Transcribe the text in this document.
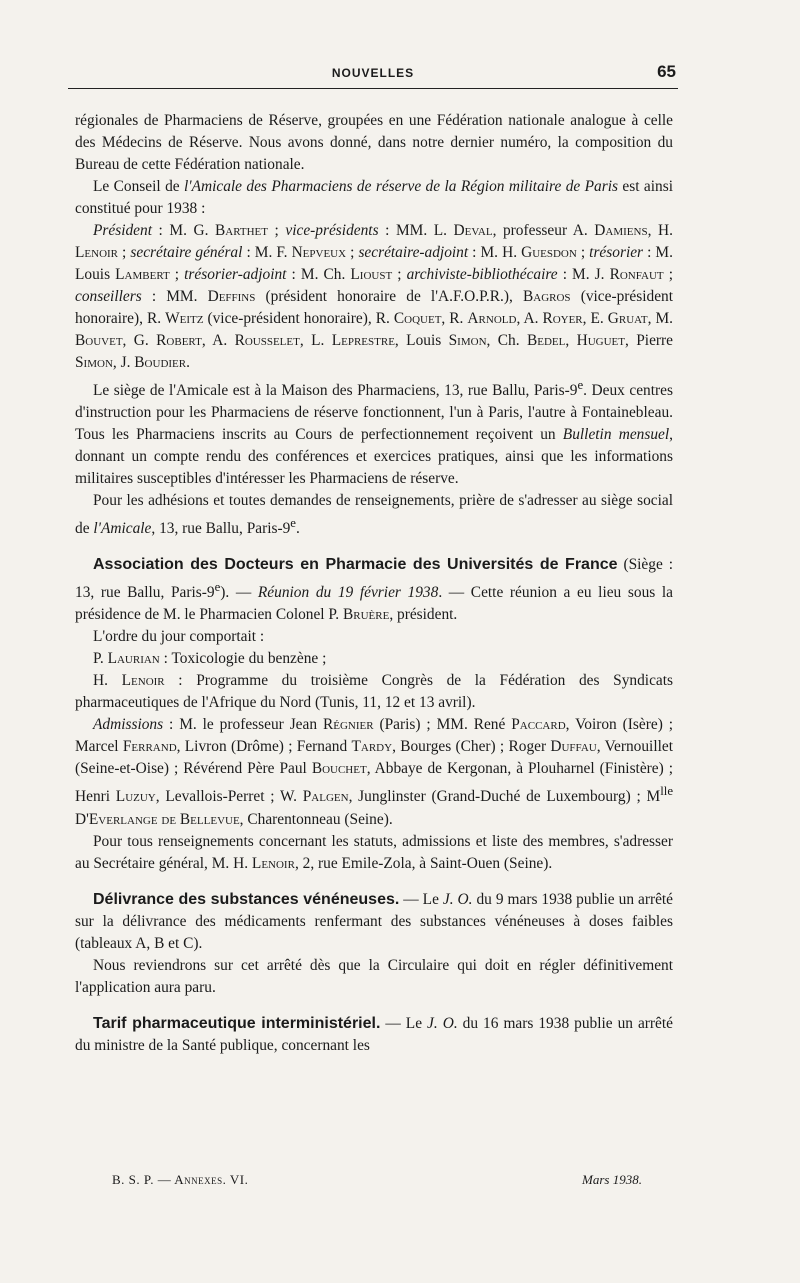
NOUVELLES	65

régionales de Pharmaciens de Réserve, groupées en une Fédération nationale analogue à celle des Médecins de Réserve. Nous avons donné, dans notre dernier numéro, la composition du Bureau de cette Fédération nationale.

Le Conseil de l'Amicale des Pharmaciens de réserve de la Région militaire de Paris est ainsi constitué pour 1938 :

Président : M. G. Barthet ; vice-présidents : MM. L. Deval, professeur A. Damiens, H. Lenoir ; secrétaire général : M. F. Nepveux ; secrétaire-adjoint : M. H. Guesdon ; trésorier : M. Louis Lambert ; trésorier-adjoint : M. Ch. Lioust ; archiviste-bibliothécaire : M. J. Ronfaut ; conseillers : MM. Deffins (président honoraire de l'A.F.O.P.R.), Bagros (vice-président honoraire), R. Weitz (vice-président honoraire), R. Coquet, R. Arnold, A. Royer, E. Gruat, M. Bouvet, G. Robert, A. Rousselet, L. Leprestre, Louis Simon, Ch. Bedel, Huguet, Pierre Simon, J. Boudier.

Le siège de l'Amicale est à la Maison des Pharmaciens, 13, rue Ballu, Paris-9e. Deux centres d'instruction pour les Pharmaciens de réserve fonctionnent, l'un à Paris, l'autre à Fontainebleau. Tous les Pharmaciens inscrits au Cours de perfectionnement reçoivent un Bulletin mensuel, donnant un compte rendu des conférences et exercices pratiques, ainsi que les informations militaires susceptibles d'intéresser les Pharmaciens de réserve.

Pour les adhésions et toutes demandes de renseignements, prière de s'adresser au siège social de l'Amicale, 13, rue Ballu, Paris-9e.

Association des Docteurs en Pharmacie des Universités de France (Siège : 13, rue Ballu, Paris-9e). — Réunion du 19 février 1938. — Cette réunion a eu lieu sous la présidence de M. le Pharmacien Colonel P. Bruère, président.

L'ordre du jour comportait :

P. Laurian : Toxicologie du benzène ;

H. Lenoir : Programme du troisième Congrès de la Fédération des Syndicats pharmaceutiques de l'Afrique du Nord (Tunis, 11, 12 et 13 avril).

Admissions : M. le professeur Jean Régnier (Paris) ; MM. René Paccard, Voiron (Isère) ; Marcel Ferrand, Livron (Drôme) ; Fernand Tardy, Bourges (Cher) ; Roger Duffau, Vernouillet (Seine-et-Oise) ; Révérend Père Paul Bouchet, Abbaye de Kergonan, à Plouharnel (Finistère) ; Henri Luzuy, Levallois-Perret ; W. Palgen, Junglinster (Grand-Duché de Luxembourg) ; $M^{lle}$ D'Everlange de Bellevue, Charentonneau (Seine).

Pour tous renseignements concernant les statuts, admissions et liste des membres, s'adresser au Secrétaire général, M. H. Lenoir, 2, rue Emile-Zola, à Saint-Ouen (Seine).

Délivrance des substances vénéneuses. — Le J. O. du 9 mars 1938 publie un arrêté sur la délivrance des médicaments renfermant des substances vénéneuses à doses faibles (tableaux A, B et C).

Nous reviendrons sur cet arrêté dès que la Circulaire qui doit en régler définitivement l'application aura paru.

Tarif pharmaceutique interministériel. — Le J. O. du 16 mars 1938 publie un arrêté du ministre de la Santé publique, concernant les

B. S. P. — Annexes. VI.	Mars 1938.
